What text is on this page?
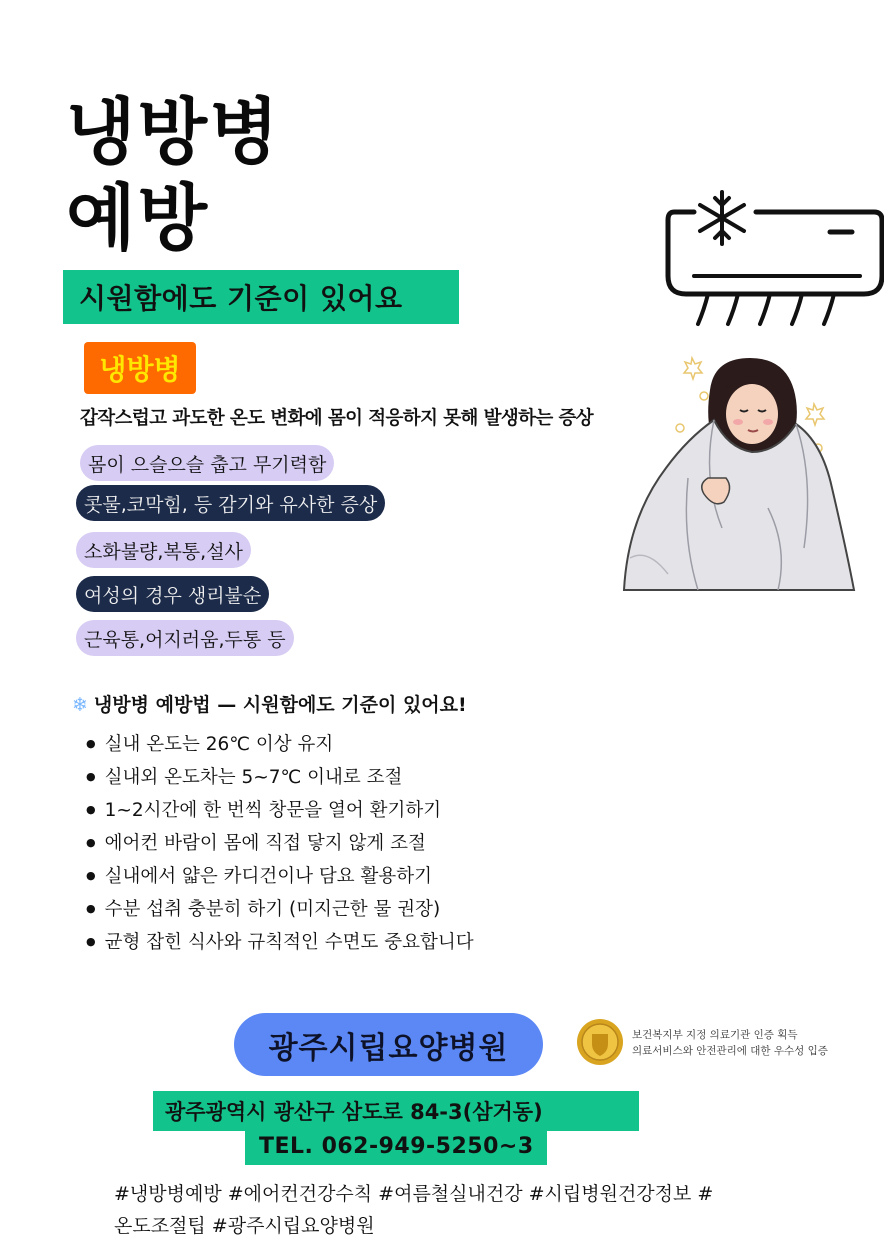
냉방병
예방
시원함에도 기준이 있어요
냉방병
갑작스럽고 과도한 온도 변화에 몸이 적응하지 못해 발생하는 증상
몸이 으슬으슬 춥고 무기력함
콧물,코막힘, 등 감기와 유사한 증상
소화불량,복통,설사
여성의 경우 생리불순
근육통,어지러움,두통 등
❄ 냉방병 예방법 — 시원함에도 기준이 있어요!
● 실내 온도는 26℃ 이상 유지
● 실내외 온도차는 5~7℃ 이내로 조절
● 1~2시간에 한 번씩 창문을 열어 환기하기
● 에어컨 바람이 몸에 직접 닿지 않게 조절
● 실내에서 얇은 카디건이나 담요 활용하기
● 수분 섭취 충분히 하기 (미지근한 물 권장)
● 균형 잡힌 식사와 규칙적인 수면도 중요합니다
광주시립요양병원	보건복지부 지정 의료기관 인증 획득
의료서비스와 안전관리에 대한 우수성 입증
광주광역시 광산구 삼도로 84-3(삼거동)
TEL. 062-949-5250~3
#냉방병예방 #에어컨건강수칙 #여름철실내건강 #시립병원건강정보 #
온도조절팁 #광주시립요양병원
